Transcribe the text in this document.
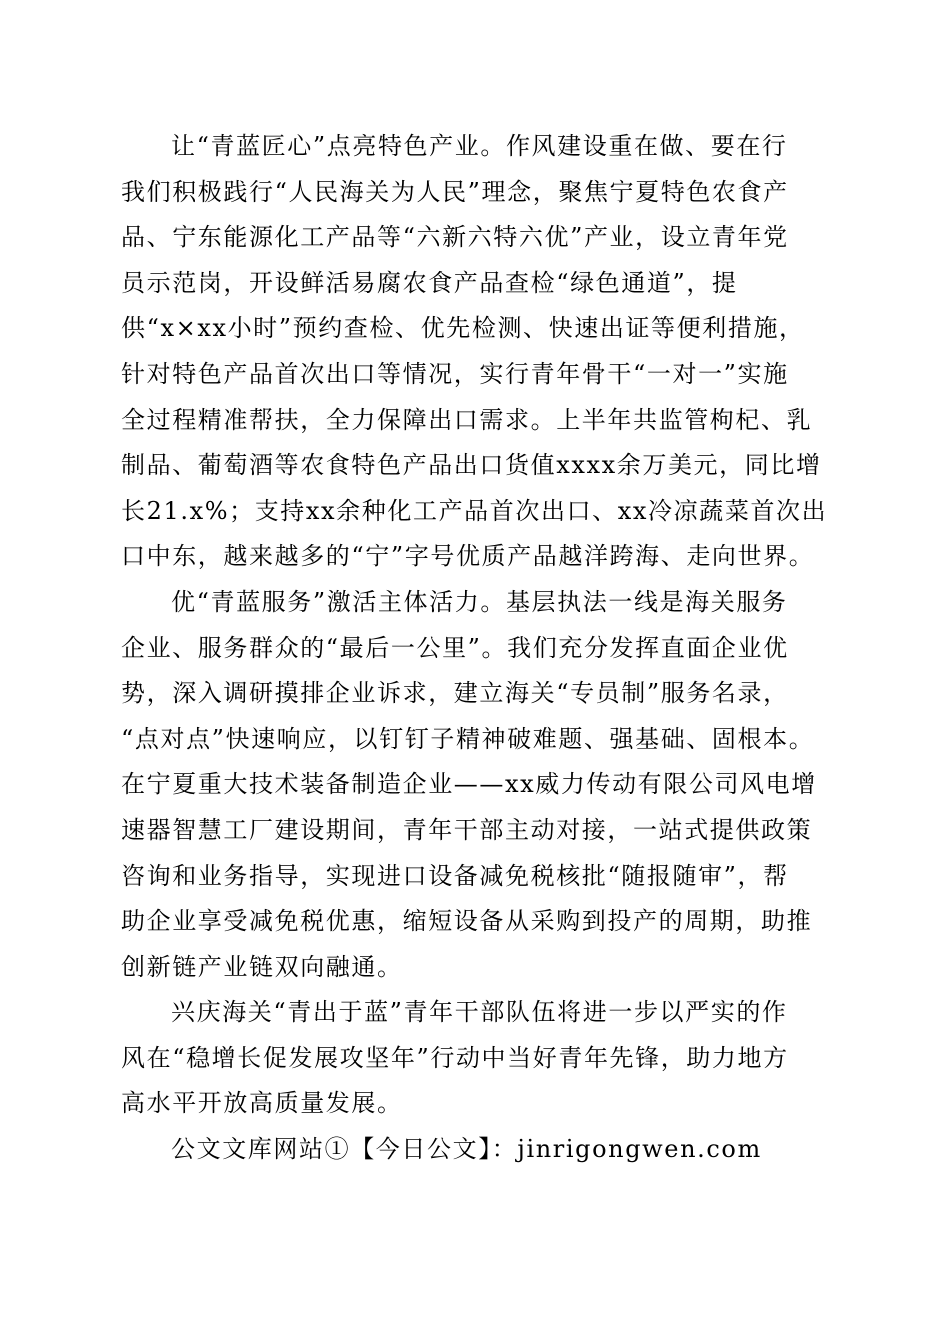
让“青蓝匠心”点亮特色产业。作风建设重在做、要在行
我们积极践行“人民海关为人民”理念，聚焦宁夏特色农食产
品、宁东能源化工产品等“六新六特六优”产业，设立青年党
员示范岗，开设鲜活易腐农食产品查检“绿色通道”，提
供“x×xx小时”预约查检、优先检测、快速出证等便利措施，
针对特色产品首次出口等情况，实行青年骨干“一对一”实施
全过程精准帮扶，全力保障出口需求。上半年共监管枸杞、乳
制品、葡萄酒等农食特色产品出口货值xxxx余万美元，同比增
长21.x%；支持xx余种化工产品首次出口、xx冷凉蔬菜首次出
口中东，越来越多的“宁”字号优质产品越洋跨海、走向世界。
优“青蓝服务”激活主体活力。基层执法一线是海关服务
企业、服务群众的“最后一公里”。我们充分发挥直面企业优
势，深入调研摸排企业诉求，建立海关“专员制”服务名录，
“点对点”快速响应，以钉钉子精神破难题、强基础、固根本。
在宁夏重大技术装备制造企业——xx威力传动有限公司风电增
速器智慧工厂建设期间，青年干部主动对接，一站式提供政策
咨询和业务指导，实现进口设备减免税核批“随报随审”，帮
助企业享受减免税优惠，缩短设备从采购到投产的周期，助推
创新链产业链双向融通。
兴庆海关“青出于蓝”青年干部队伍将进一步以严实的作
风在“稳增长促发展攻坚年”行动中当好青年先锋，助力地方
高水平开放高质量发展。
公文文库网站①【今日公文】：jinrigongwen.com
